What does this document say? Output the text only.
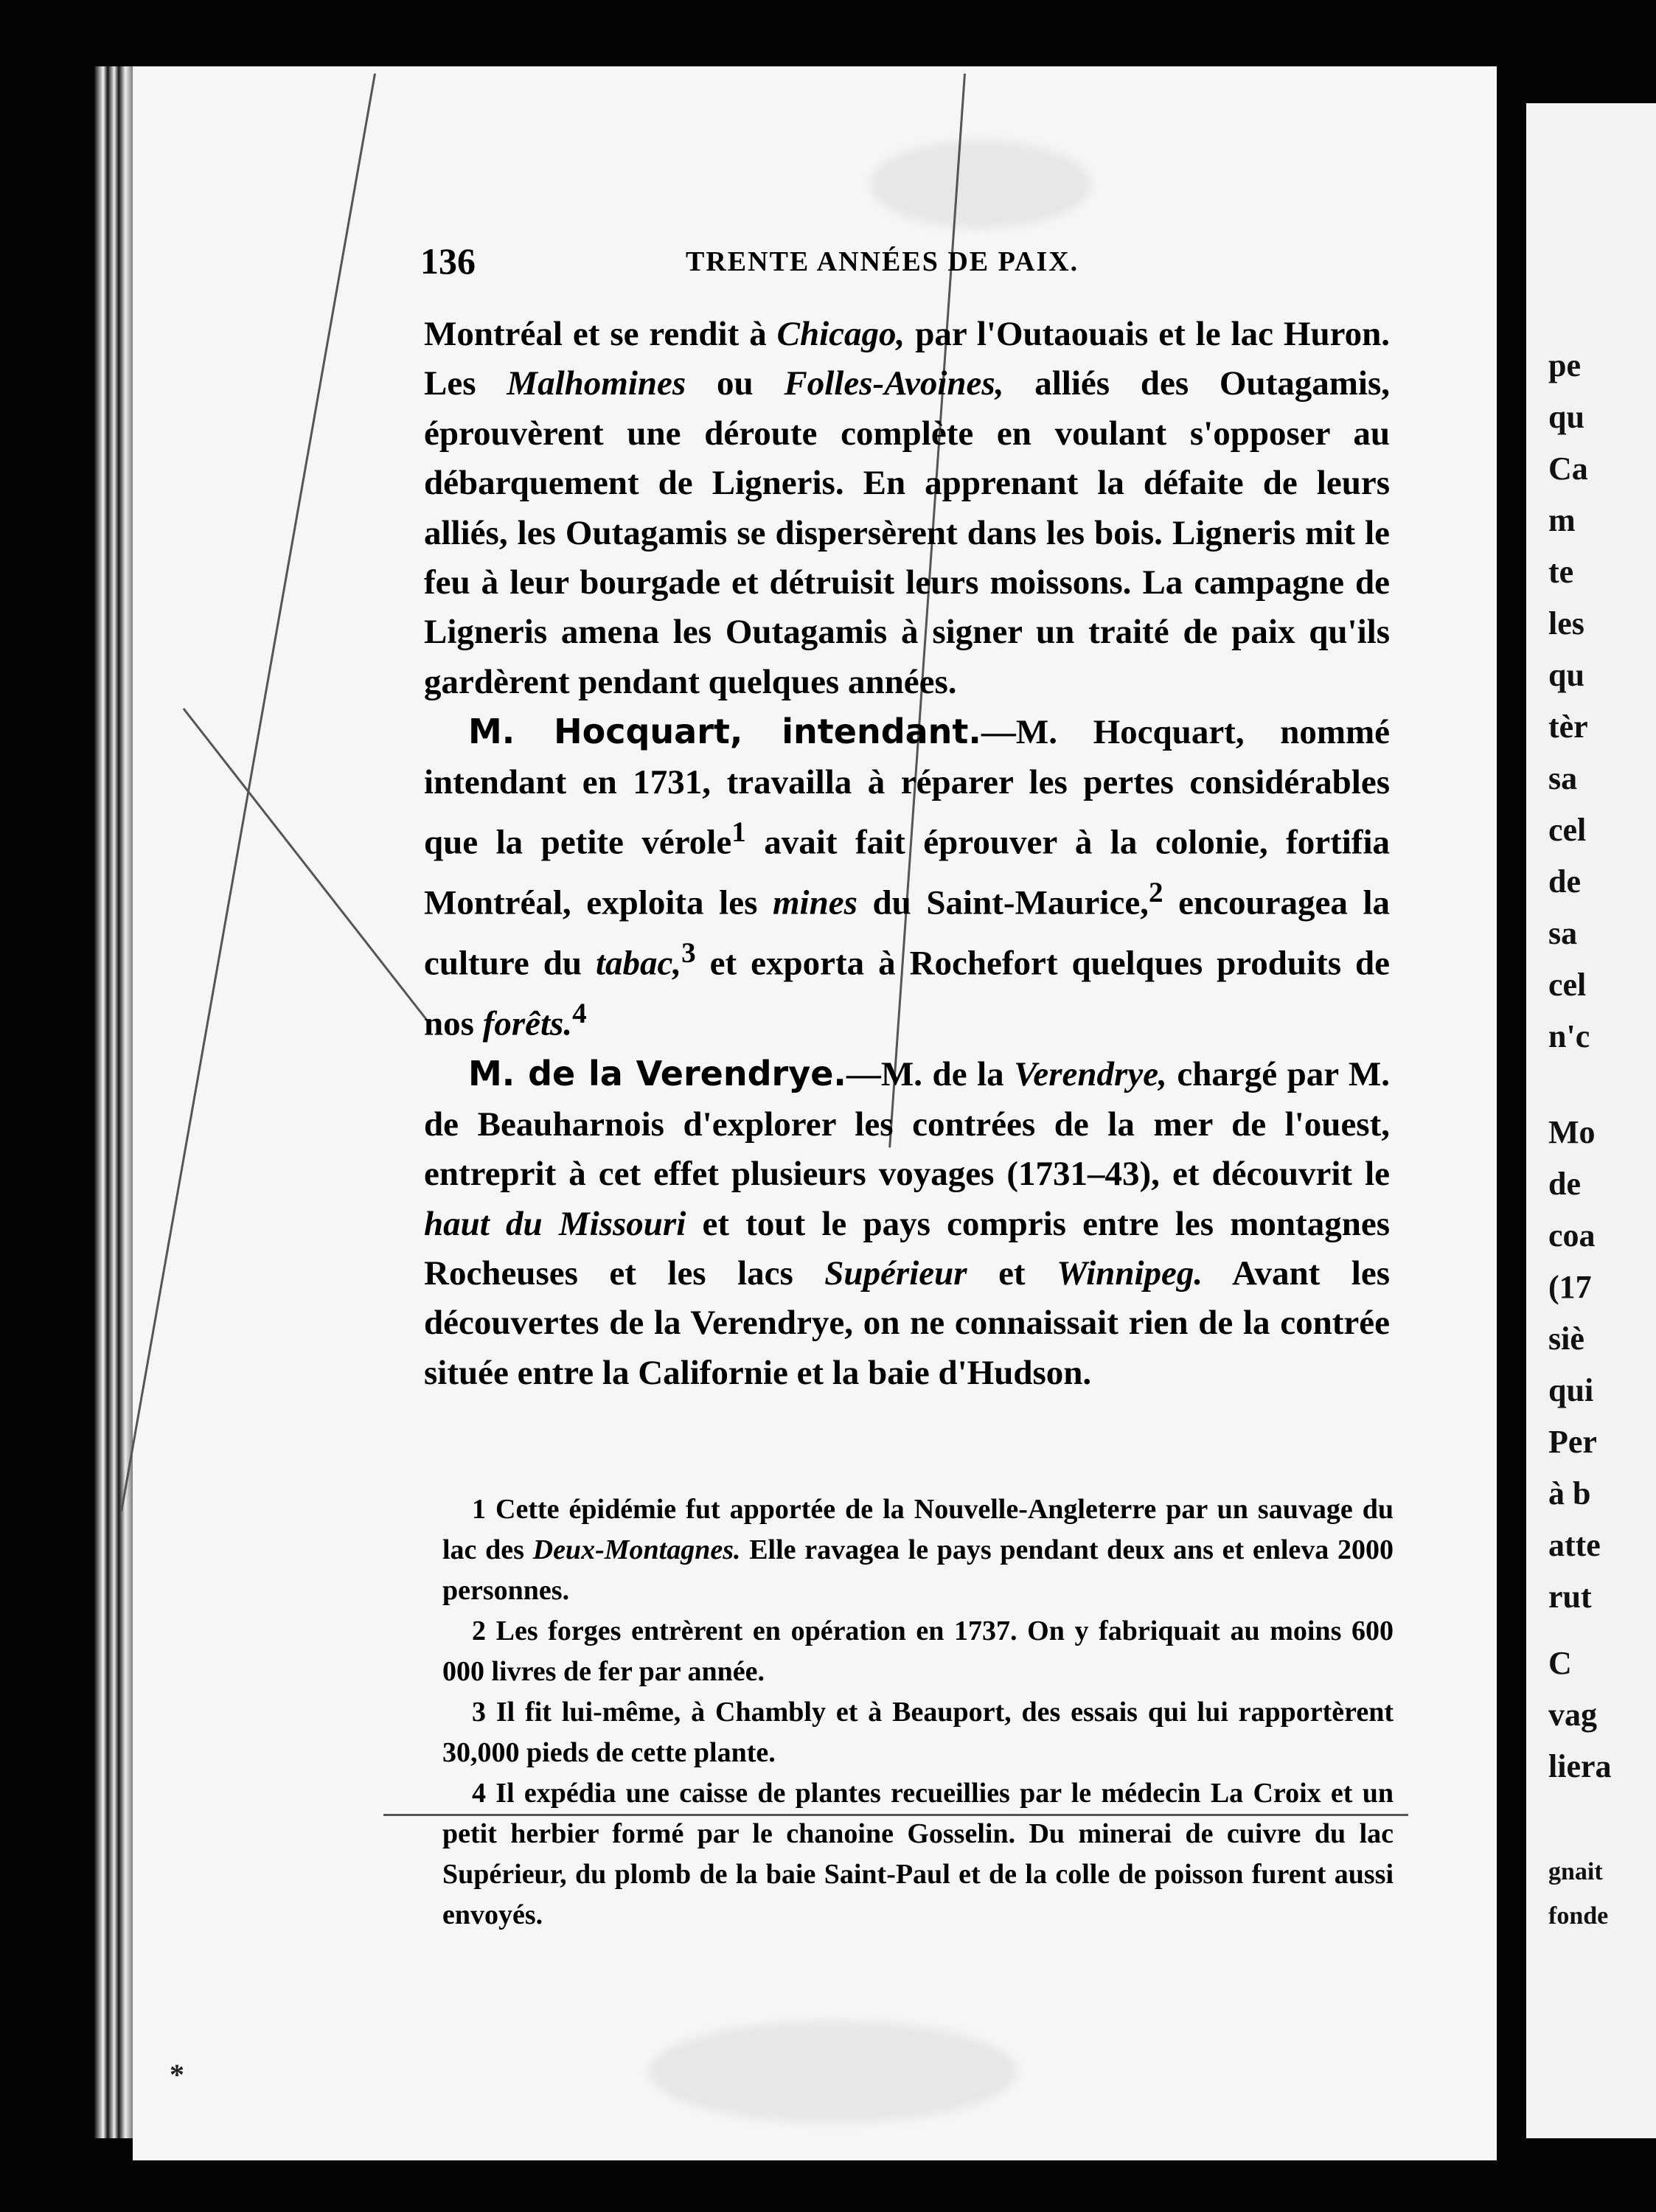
*
136	TRENTE ANNÉES DE PAIX.

Montréal et se rendit à Chicago, par l'Outaouais et le lac Huron. Les Malhomines ou Folles-Avoines, alliés des Outagamis, éprouvèrent une déroute complète en voulant s'opposer au débarquement de Ligneris. En apprenant la défaite de leurs alliés, les Outagamis se dispersèrent dans les bois. Ligneris mit le feu à leur bourgade et détruisit leurs moissons. La campagne de Ligneris amena les Outagamis à signer un traité de paix qu'ils gardèrent pendant quelques années.

M. Hocquart, intendant.—M. Hocquart, nommé intendant en 1731, travailla à réparer les pertes considérables que la petite vérole$^1$ avait fait éprouver à la colonie, fortifia Montréal, exploita les mines du Saint-Maurice,$^2$ encouragea la culture du tabac,$^3$ et exporta à Rochefort quelques produits de nos forêts.$^4$

M. de la Verendrye.—M. de la Verendrye, chargé par M. de Beauharnois d'explorer les contrées de la mer de l'ouest, entreprit à cet effet plusieurs voyages (1731–43), et découvrit le haut du Missouri et tout le pays compris entre les montagnes Rocheuses et les lacs Supérieur et Winnipeg. Avant les découvertes de la Verendrye, on ne connaissait rien de la contrée située entre la Californie et la baie d'Hudson.

1 Cette épidémie fut apportée de la Nouvelle-Angleterre par un sauvage du lac des Deux-Montagnes. Elle ravagea le pays pendant deux ans et enleva 2000 personnes.

2 Les forges entrèrent en opération en 1737. On y fabriquait au moins 600 000 livres de fer par année.

3 Il fit lui-même, à Chambly et à Beauport, des essais qui lui rapportèrent 30,000 pieds de cette plante.

4 Il expédia une caisse de plantes recueillies par le médecin La Croix et un petit herbier formé par le chanoine Gosselin. Du minerai de cuivre du lac Supérieur, du plomb de la baie Saint-Paul et de la colle de poisson furent aussi envoyés.

pe
qu
Ca
m
te
les
qu
tèr
sa
cel
de
sa
cel
n'c
Mo
de
coa
(17
siè
qui
Per
à b
atte
rut
C
vag
liera
gnait
fonde
